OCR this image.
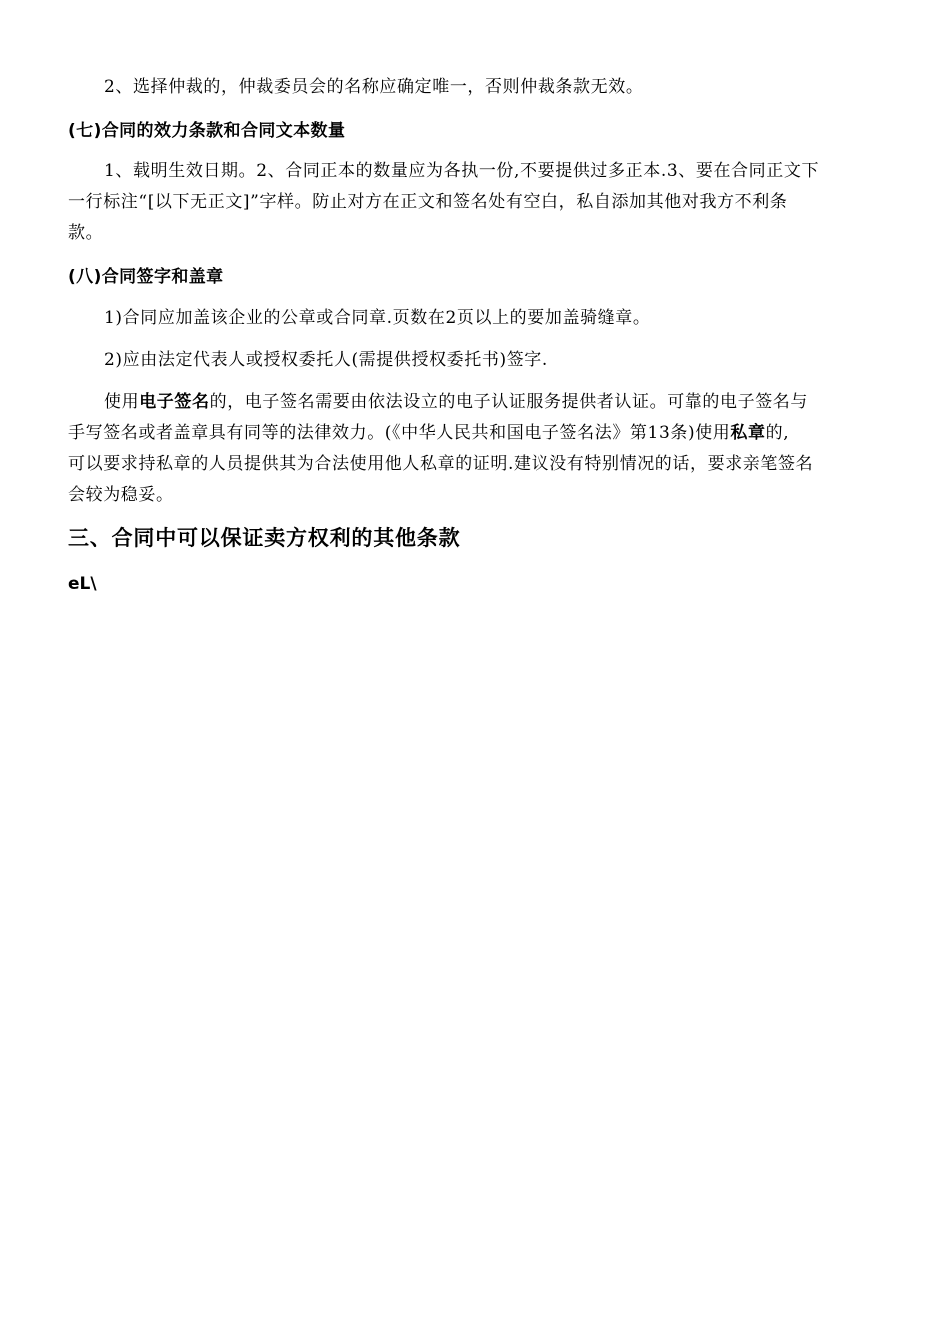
2、选择仲裁的，仲裁委员会的名称应确定唯一，否则仲裁条款无效。

(七)合同的效力条款和合同文本数量
1、载明生效日期。2、合同正本的数量应为各执一份,不要提供过多正本.3、要在合同正文下
一行标注“[以下无正文]”字样。防止对方在正文和签名处有空白，私自添加其他对我方不利条
款。
(八)合同签字和盖章

1)合同应加盖该企业的公章或合同章.页数在2页以上的要加盖骑缝章。

2)应由法定代表人或授权委托人(需提供授权委托书)签字.

使用电子签名的，电子签名需要由依法设立的电子认证服务提供者认证。可靠的电子签名与
手写签名或者盖章具有同等的法律效力。(《中华人民共和国电子签名法》第13条)使用私章的,
可以要求持私章的人员提供其为合法使用他人私章的证明.建议没有特别情况的话，要求亲笔签名
会较为稳妥。
三、合同中可以保证卖方权利的其他条款

eL\
